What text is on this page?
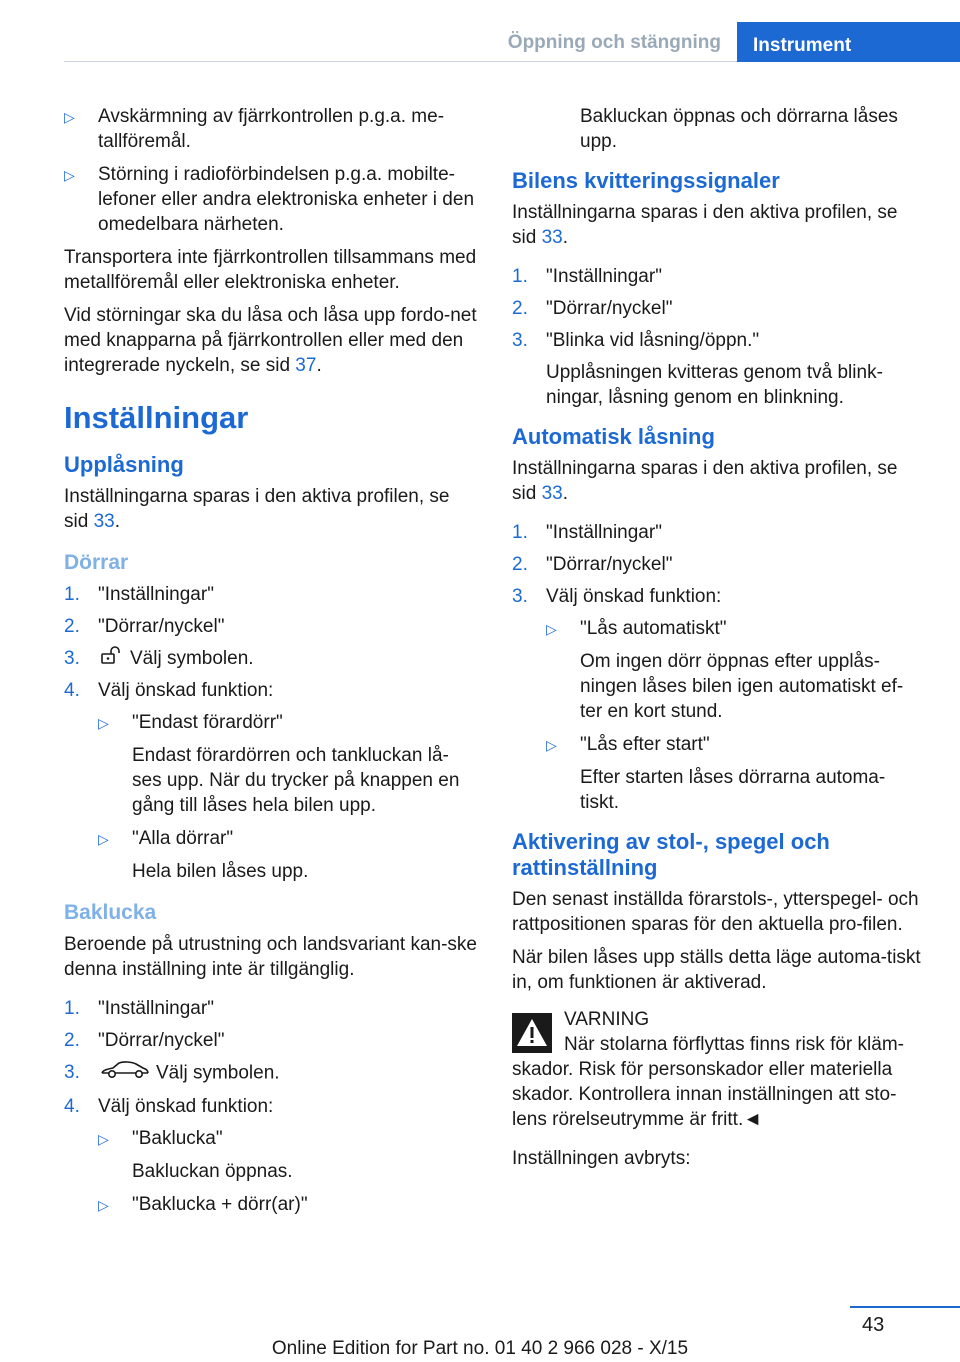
Öppning och stängning	Instrument
▷	Avskärmning av fjärrkontrollen p.g.a. me-tallföremål.
▷	Störning i radioförbindelsen p.g.a. mobilte-lefoner eller andra elektroniska enheter i den omedelbara närheten.

Transportera inte fjärrkontrollen tillsammans med metallföremål eller elektroniska enheter.

Vid störningar ska du låsa och låsa upp fordo-net med knapparna på fjärrkontrollen eller med den integrerade nyckeln, se sid 37.

Inställningar
Upplåsning

Inställningarna sparas i den aktiva profilen, se sid 33.

Dörrar
1. "Inställningar"
2. "Dörrar/nyckel"
3.	Välj symbolen.
4. Välj önskad funktion:
▷	"Endast förardörr"

Endast förardörren och tankluckan lå-ses upp. När du trycker på knappen en gång till låses hela bilen upp.
▷	"Alla dörrar"

Hela bilen låses upp.
Baklucka

Beroende på utrustning och landsvariant kan-ske denna inställning inte är tillgänglig.

1. "Inställningar"
2. "Dörrar/nyckel"
3.	Välj symbolen.
4. Välj önskad funktion:
▷	"Baklucka"

Bakluckan öppnas.
▷	"Baklucka + dörr(ar)"

Bakluckan öppnas och dörrarna låses upp.

Bilens kvitteringssignaler

Inställningarna sparas i den aktiva profilen, se sid 33.

1. "Inställningar"
2. "Dörrar/nyckel"
3. "Blinka vid låsning/öppn."

Upplåsningen kvitteras genom två blink-ningar, låsning genom en blinkning.

Automatisk låsning

Inställningarna sparas i den aktiva profilen, se sid 33.

1. "Inställningar"
2. "Dörrar/nyckel"
3. Välj önskad funktion:
▷	"Lås automatiskt"

Om ingen dörr öppnas efter upplås-ningen låses bilen igen automatiskt ef-ter en kort stund.
▷	"Lås efter start"

Efter starten låses dörrarna automa-tiskt.
Aktivering av stol-, spegel och rattinställning

Den senast inställda förarstols-, ytterspegel- och rattpositionen sparas för den aktuella pro-filen.

När bilen låses upp ställs detta läge automa-tiskt in, om funktionen är aktiverad.

VARNING
När stolarna förflyttas finns risk för kläm-skador. Risk för personskador eller materiella skador. Kontrollera innan inställningen att sto-lens rörelseutrymme är fritt.◄

Inställningen avbryts:

43
Online Edition for Part no. 01 40 2 966 028 - X/15
